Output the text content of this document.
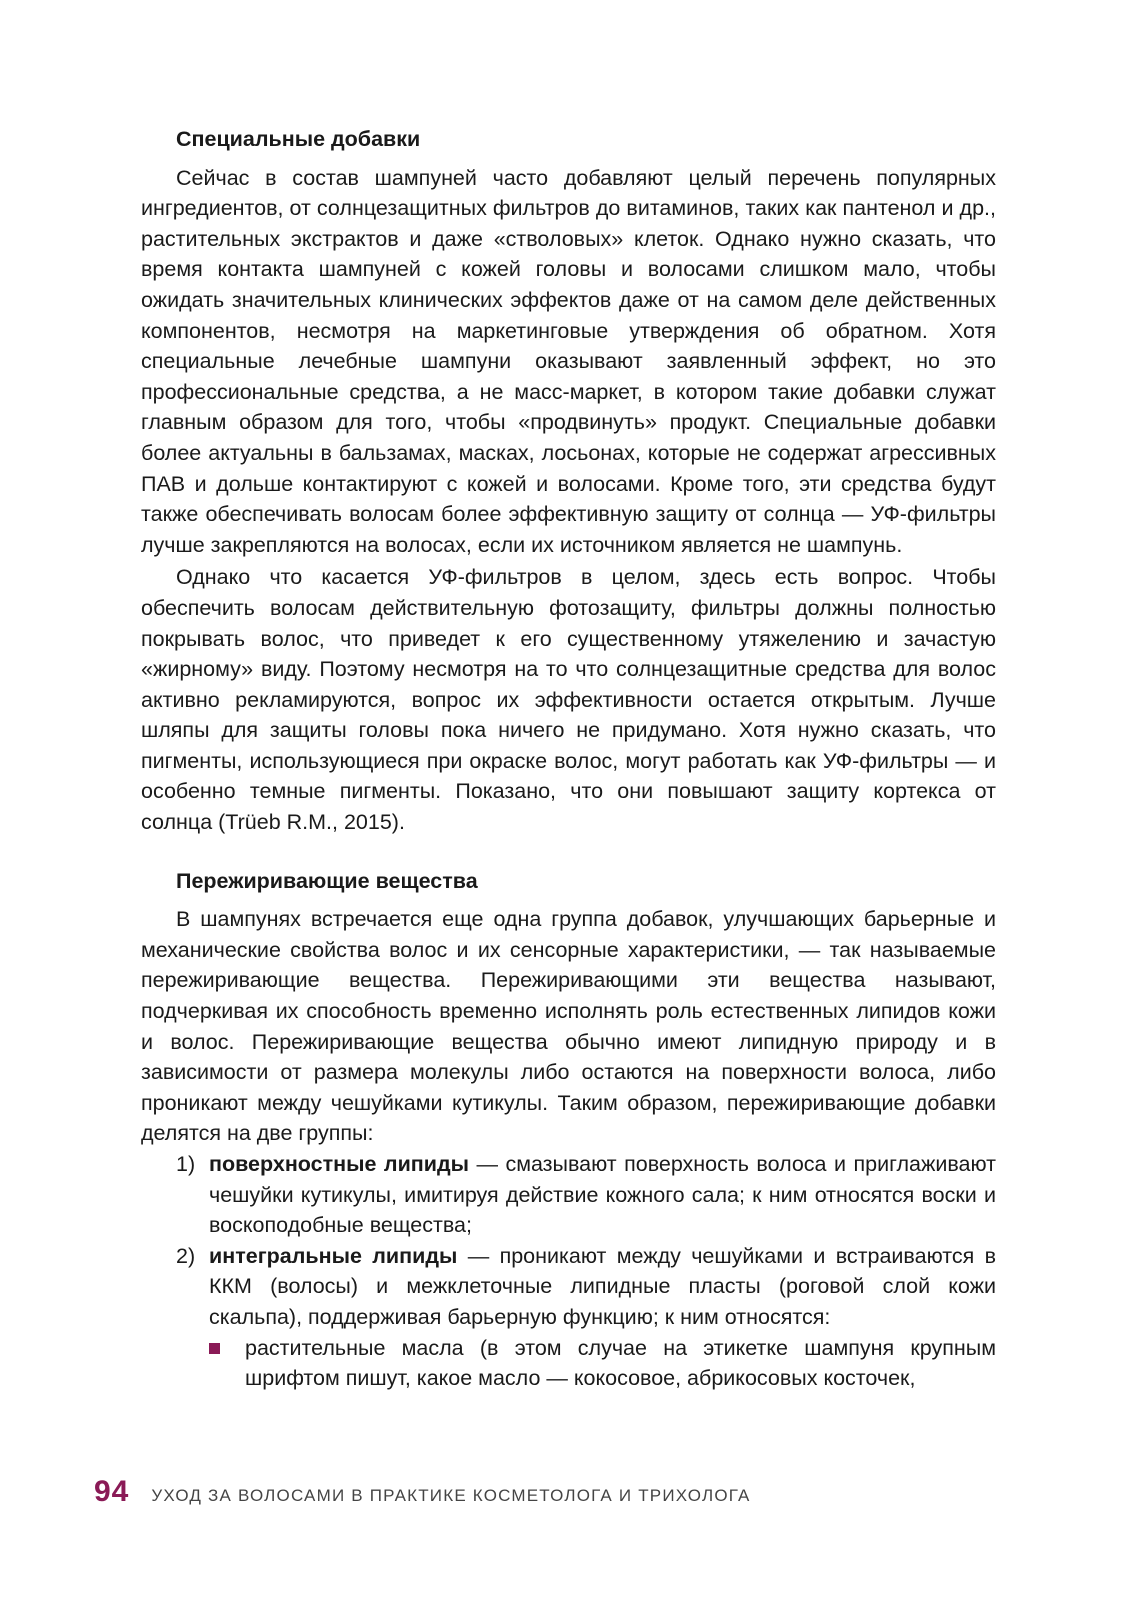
Специальные добавки

Сейчас в состав шампуней часто добавляют целый перечень популярных ингредиентов, от солнцезащитных фильтров до витаминов, таких как пантенол и др., растительных экстрактов и даже «стволовых» клеток. Однако нужно сказать, что время контакта шампуней с кожей головы и волосами слишком мало, чтобы ожидать значительных клинических эффектов даже от на самом деле действенных компонентов, несмотря на маркетинговые утверждения об обратном. Хотя специальные лечебные шампуни оказывают заявленный эффект, но это профессиональные средства, а не масс-маркет, в котором такие добавки служат главным образом для того, чтобы «продвинуть» продукт. Специальные добавки более актуальны в бальзамах, масках, лосьонах, которые не содержат агрессивных ПАВ и дольше контактируют с кожей и волосами. Кроме того, эти средства будут также обеспечивать волосам более эффективную защиту от солнца — УФ-фильтры лучше закрепляются на волосах, если их источником является не шампунь.

Однако что касается УФ-фильтров в целом, здесь есть вопрос. Чтобы обеспечить волосам действительную фотозащиту, фильтры должны полностью покрывать волос, что приведет к его существенному утяжелению и зачастую «жирному» виду. Поэтому несмотря на то что солнцезащитные средства для волос активно рекламируются, вопрос их эффективности остается открытым. Лучше шляпы для защиты головы пока ничего не придумано. Хотя нужно сказать, что пигменты, использующиеся при окраске волос, могут работать как УФ-фильтры — и особенно темные пигменты. Показано, что они повышают защиту кортекса от солнца (Trüeb R.M., 2015).

Пережиривающие вещества

В шампунях встречается еще одна группа добавок, улучшающих барьерные и механические свойства волос и их сенсорные характеристики, — так называемые пережиривающие вещества. Пережиривающими эти вещества называют, подчеркивая их способность временно исполнять роль естественных липидов кожи и волос. Пережиривающие вещества обычно имеют липидную природу и в зависимости от размера молекулы либо остаются на поверхности волоса, либо проникают между чешуйками кутикулы. Таким образом, пережиривающие добавки делятся на две группы:

1) поверхностные липиды — смазывают поверхность волоса и приглаживают чешуйки кутикулы, имитируя действие кожного сала; к ним относятся воски и воскоподобные вещества;
2) интегральные липиды — проникают между чешуйками и встраиваются в ККМ (волосы) и межклеточные липидные пласты (роговой слой кожи скальпа), поддерживая барьерную функцию; к ним относятся:
растительные масла (в этом случае на этикетке шампуня крупным шрифтом пишут, какое масло — кокосовое, абрикосовых косточек,
94 УХОД ЗА ВОЛОСАМИ В ПРАКТИКЕ КОСМЕТОЛОГА И ТРИХОЛОГА
